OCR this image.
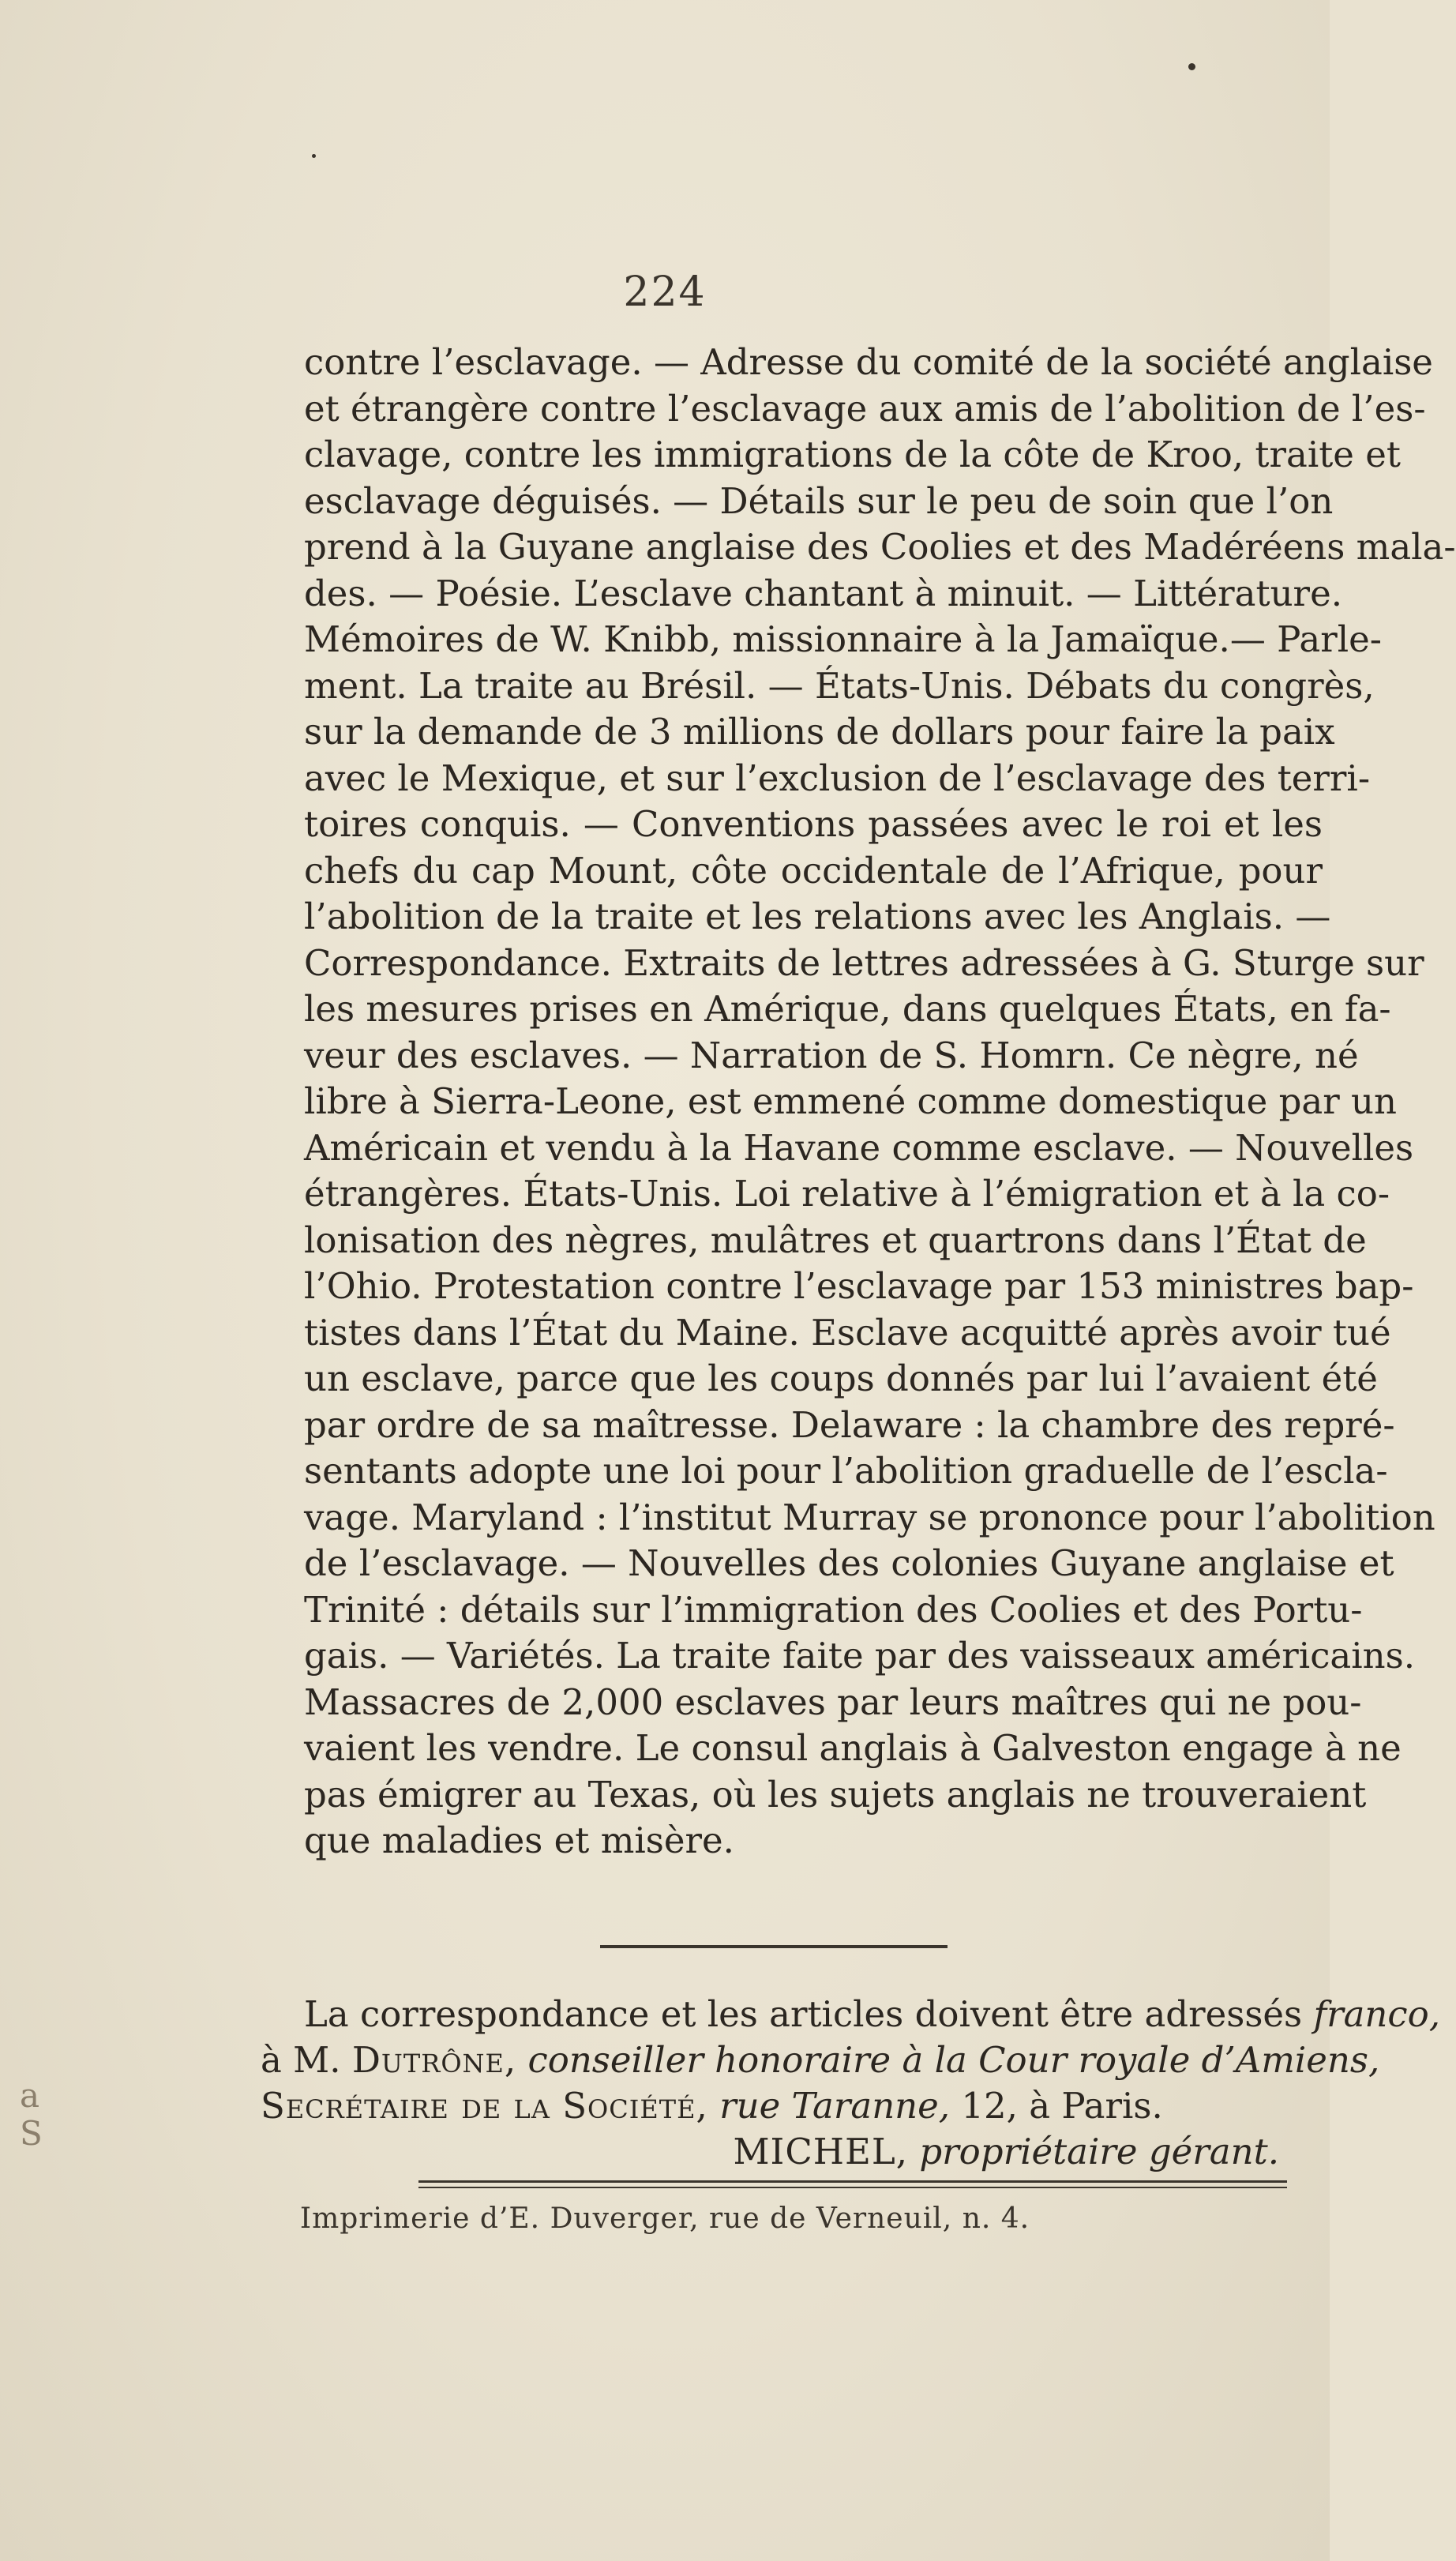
224
contre l’esclavage. — Adresse du comité de la société anglaise
et étrangère contre l’esclavage aux amis de l’abolition de l’es-
clavage, contre les immigrations de la côte de Kroo, traite et
esclavage déguisés. — Détails sur le peu de soin que l’on
prend à la Guyane anglaise des Coolies et des Madéréens mala-
des. — Poésie. L’esclave chantant à minuit. — Littérature.
Mémoires de W. Knibb, missionnaire à la Jamaïque.— Parle-
ment. La traite au Brésil. — États-Unis. Débats du congrès,
sur la demande de 3 millions de dollars pour faire la paix
avec le Mexique, et sur l’exclusion de l’esclavage des terri-
toires conquis. — Conventions passées avec le roi et les
chefs du cap Mount, côte occidentale de l’Afrique, pour
l’abolition de la traite et les relations avec les Anglais. —
Correspondance. Extraits de lettres adressées à G. Sturge sur
les mesures prises en Amérique, dans quelques États, en fa-
veur des esclaves. — Narration de S. Homrn. Ce nègre, né
libre à Sierra-Leone, est emmené comme domestique par un
Américain et vendu à la Havane comme esclave. — Nouvelles
étrangères. États-Unis. Loi relative à l’émigration et à la co-
lonisation des nègres, mulâtres et quartrons dans l’État de
l’Ohio. Protestation contre l’esclavage par 153 ministres bap-
tistes dans l’État du Maine. Esclave acquitté après avoir tué
un esclave, parce que les coups donnés par lui l’avaient été
par ordre de sa maîtresse. Delaware : la chambre des repré-
sentants adopte une loi pour l’abolition graduelle de l’escla-
vage. Maryland : l’institut Murray se prononce pour l’abolition
de l’esclavage. — Nouvelles des colonies Guyane anglaise et
Trinité : détails sur l’immigration des Coolies et des Portu-
gais. — Variétés. La traite faite par des vaisseaux américains.
Massacres de 2,000 esclaves par leurs maîtres qui ne pou-
vaient les vendre. Le consul anglais à Galveston engage à ne
pas émigrer au Texas, où les sujets anglais ne trouveraient
que maladies et misère.
La correspondance et les articles doivent être adressés franco,
à M. Dutrône, conseiller honoraire à la Cour royale d’Amiens,
Secrétaire de la Société, rue Taranne, 12, à Paris.
MICHEL, propriétaire gérant.
Imprimerie d’E. Duverger, rue de Verneuil, n. 4.
a
S
